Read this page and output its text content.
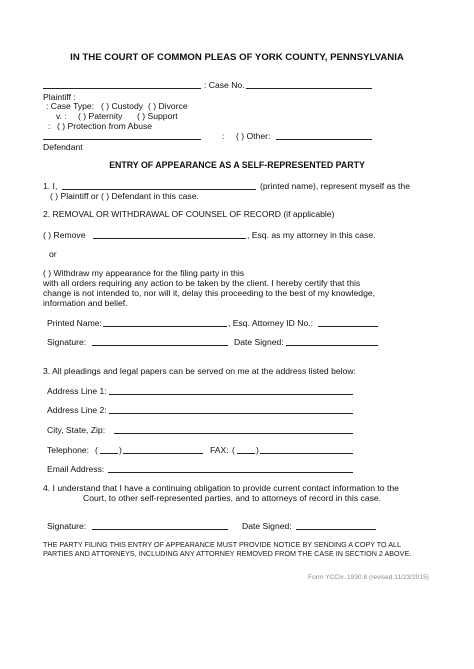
IN THE COURT OF COMMON PLEAS OF YORK COUNTY, PENNSYLVANIA
: Case No.
Plaintiff :
: Case Type: ( ) Custody ( ) Divorce
v. : ( ) Paternity ( ) Support
: ( ) Protection from Abuse
: ( ) Other:
Defendant
ENTRY OF APPEARANCE AS A SELF-REPRESENTED PARTY
1. I,	(printed name), represent myself as the
( ) Plaintiff or ( ) Defendant in this case.
2. REMOVAL OR WITHDRAWAL OF COUNSEL OF RECORD (if applicable)
( ) Remove	, Esq. as my attorney in this case.
or
( ) Withdraw my appearance for the filing party in this
with all orders requiring any action to be taken by the client. I hereby certify that this
change is not intended to, nor will it, delay this proceeding to the best of my knowledge,
information and belief.
Printed Name:	, Esq. Attorney ID No.:
Signature:	Date Signed:
3. All pleadings and legal papers can be served on me at the address listed below:
Address Line 1:
Address Line 2:
City, State, Zip:
Telephone: ( )	FAX: ( )
Email Address:
4. I understand that I have a continuing obligation to provide current contact information to the
Court, to other self-represented parties, and to attorneys of record in this case.
Signature:	Date Signed:
THE PARTY FILING THIS ENTRY OF APPEARANCE MUST PROVIDE NOTICE BY SENDING A COPY TO ALL
PARTIES AND ATTORNEYS, INCLUDING ANY ATTORNEY REMOVED FROM THE CASE IN SECTION 2 ABOVE.
Form YCCiv. 1930.8 (revised 11/23/2015)
